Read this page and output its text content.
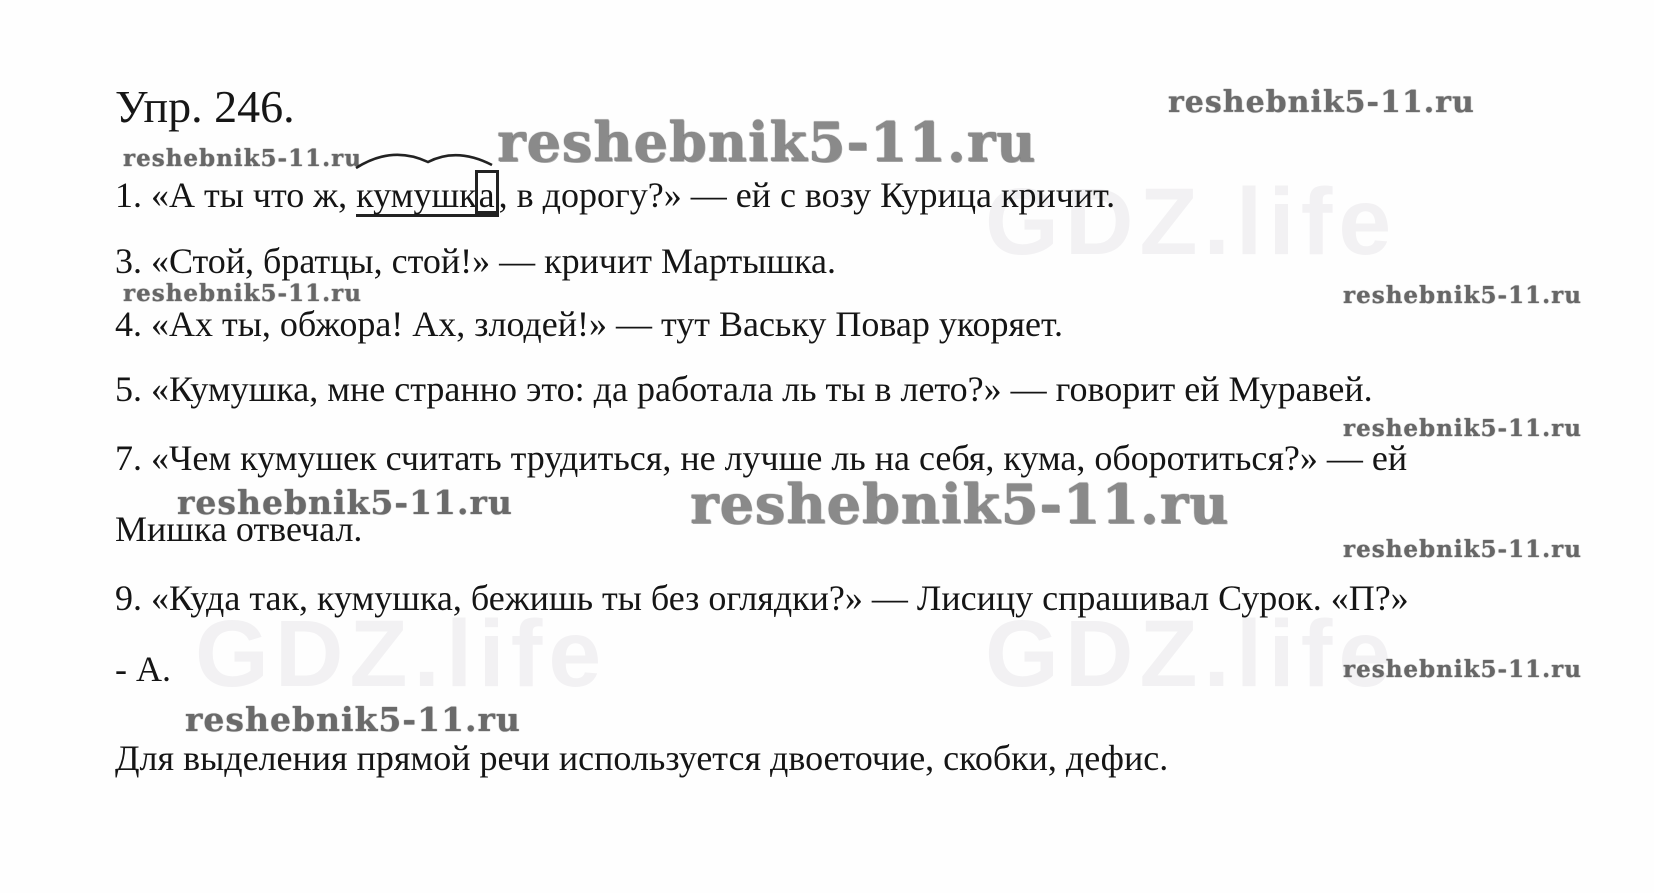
GDZ.life
GDZ.life	GDZ.life
Упр. 246.
reshebnik5-11.ru	reshebnik5-11.ru
reshebnik5-11.ru
1. «А ты что ж,
кумушка , в дорогу?» — ей с возу Курица кричит.
3. «Стой, братцы, стой!» — кричит Мартышка.
reshebnik5-11.ru	reshebnik5-11.ru
4. «Ах ты, обжора! Ах, злодей!» — тут Ваську Повар укоряет.
5. «Кумушка, мне странно это: да работала ль ты в лето?» — говорит ей Муравей.
reshebnik5-11.ru
7. «Чем кумушек считать трудиться, не лучше ль на себя, кума, оборотиться?» — ей
reshebnik5-11.ru	reshebnik5-11.ru
Мишка отвечал.
reshebnik5-11.ru
9. «Куда так, кумушка, бежишь ты без оглядки?» — Лисицу спрашивал Сурок. «П?»
- А.	reshebnik5-11.ru
reshebnik5-11.ru
Для выделения прямой речи используется двоеточие, скобки, дефис.
